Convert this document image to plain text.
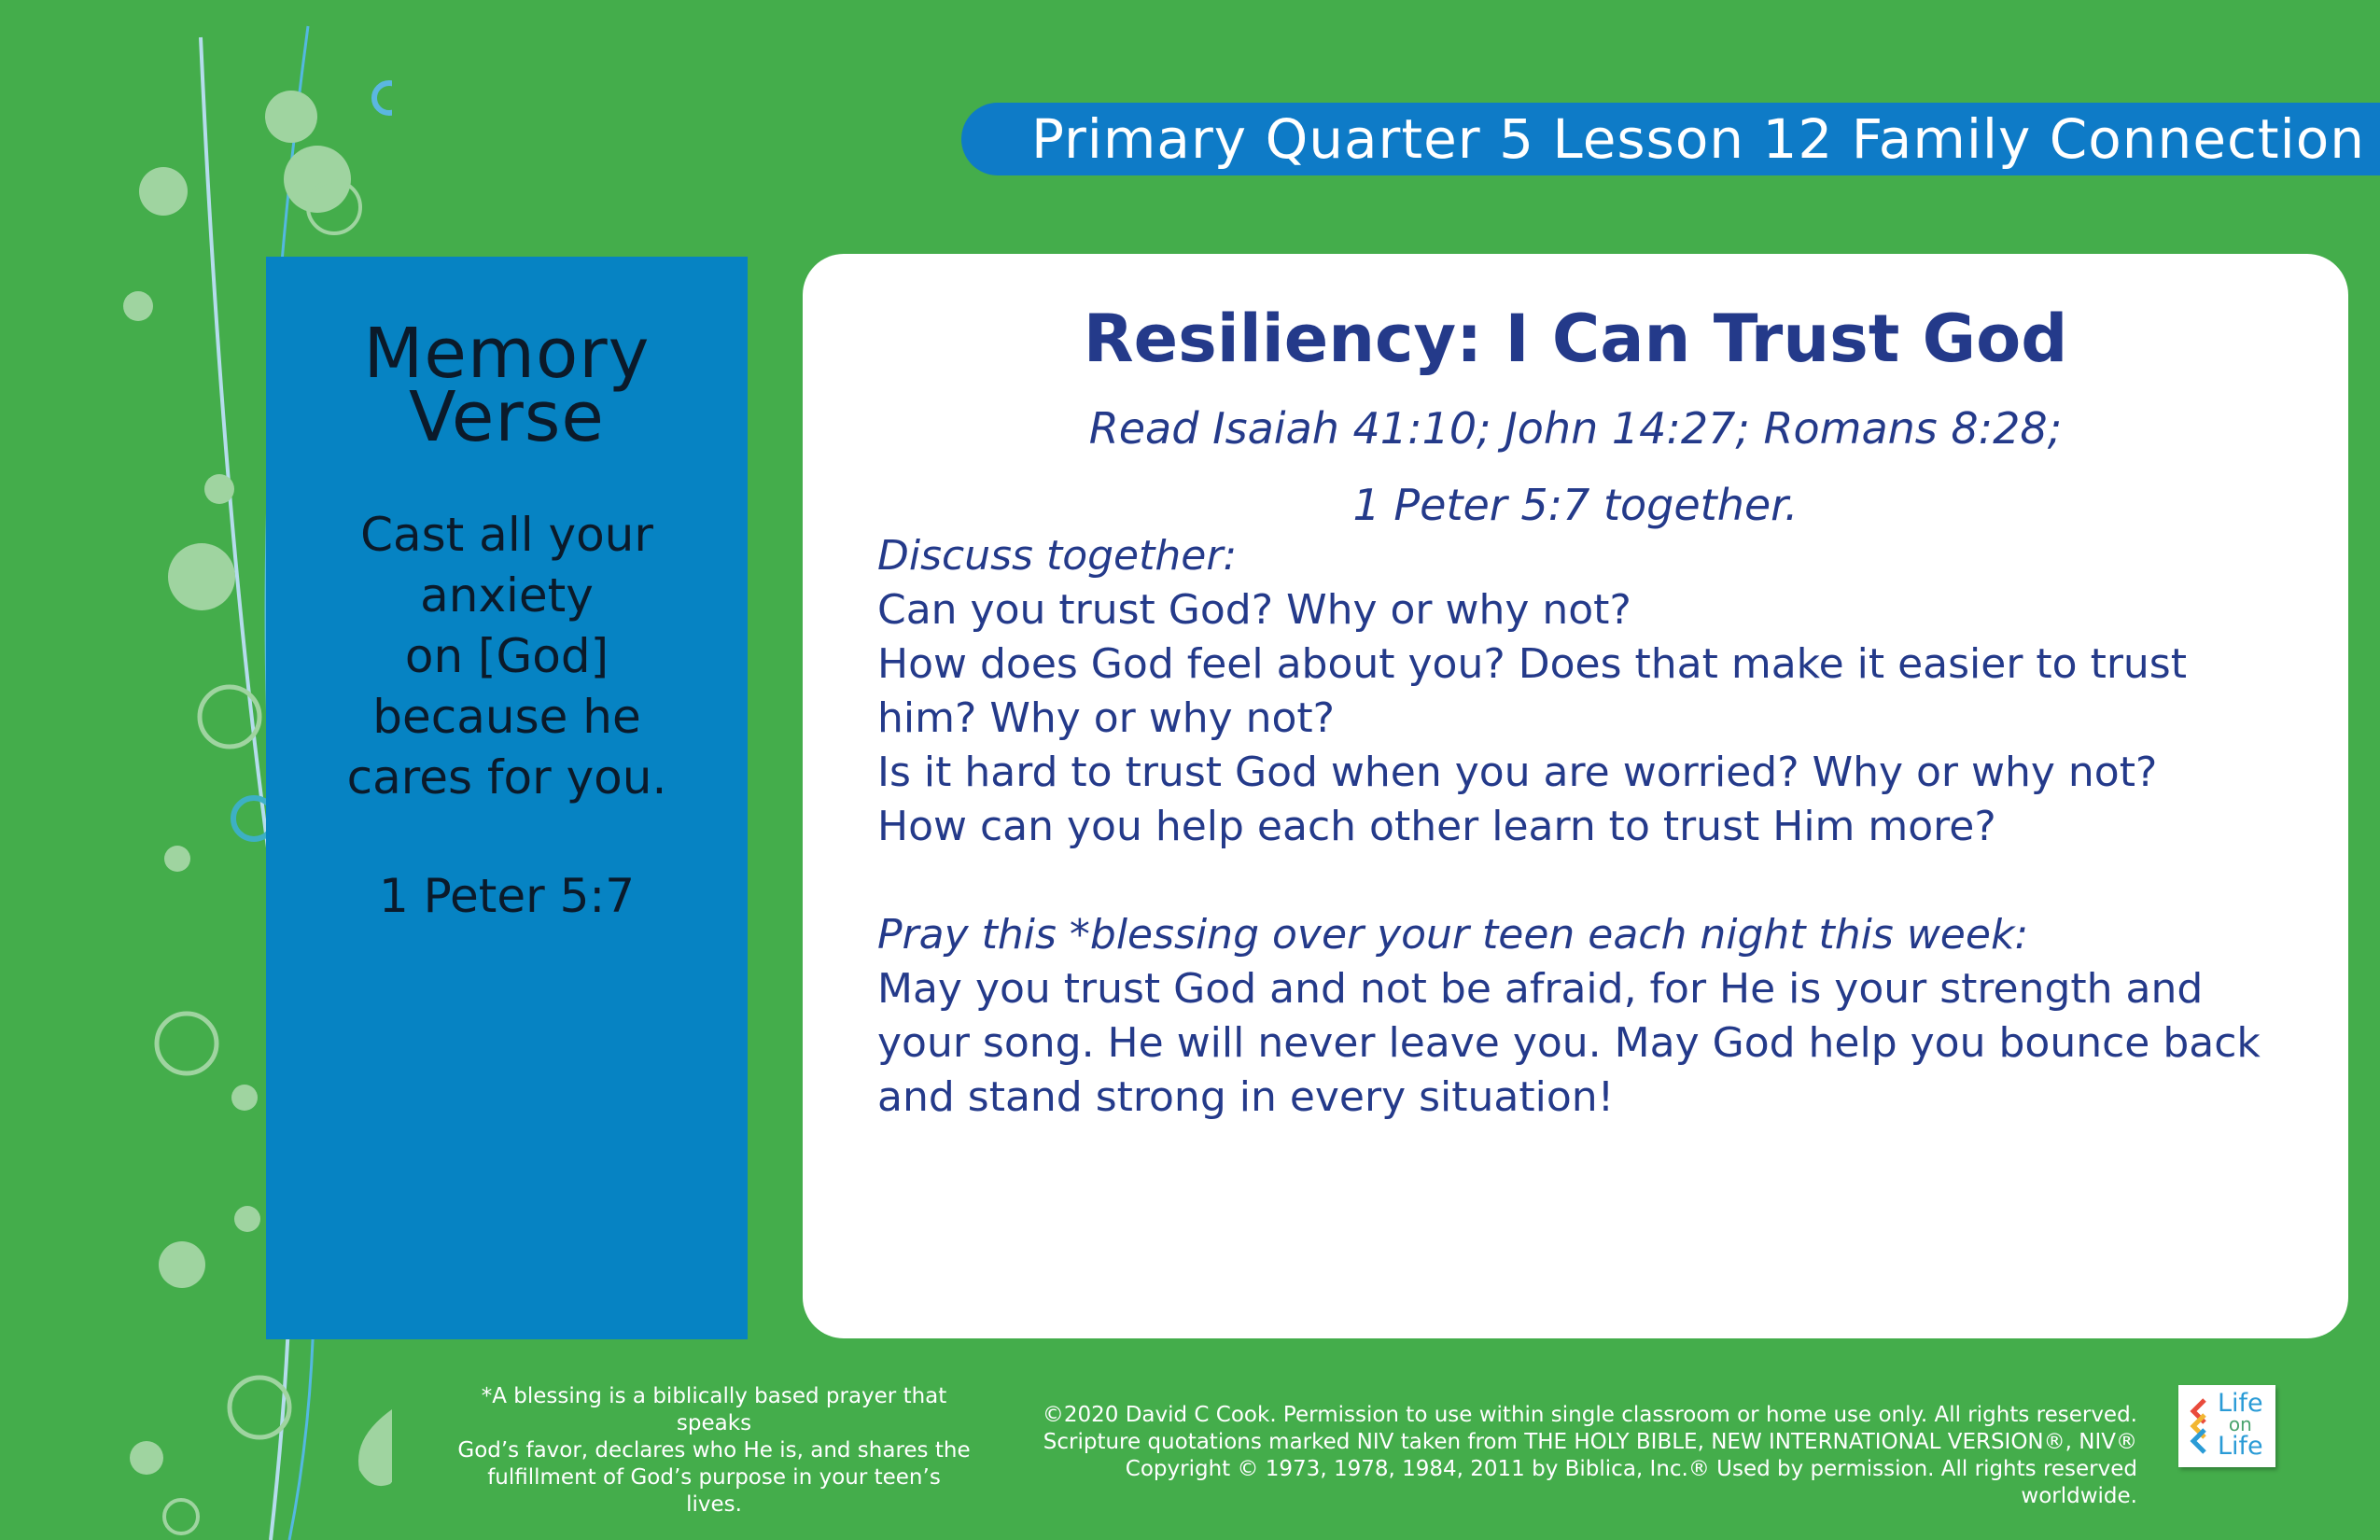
Primary Quarter 5 Lesson 12 Family Connection
Memory
Verse
Cast all your
anxiety
on [God]
because he
cares for you.
1 Peter 5:7
Resiliency: I Can Trust God
Read Isaiah 41:10; John 14:27; Romans 8:28;
1 Peter 5:7 together.
Discuss together:
Can you trust God? Why or why not?
How does God feel about you? Does that make it easier to trust him? Why or why not?
Is it hard to trust God when you are worried? Why or why not?
How can you help each other learn to trust Him more?
Pray this *blessing over your teen each night this week:
May you trust God and not be afraid, for He is your strength and your song. He will never leave you. May God help you bounce back and stand strong in every situation!
*A blessing is a biblically based prayer that speaks
God’s favor, declares who He is, and shares the
fulfillment of God’s purpose in your teen’s lives.
©2020 David C Cook. Permission to use within single classroom or home use only. All rights reserved.
Scripture quotations marked NIV taken from THE HOLY BIBLE, NEW INTERNATIONAL VERSION®, NIV®
Copyright © 1973, 1978, 1984, 2011 by Biblica, Inc.® Used by permission. All rights reserved worldwide.
Life
on
Life
